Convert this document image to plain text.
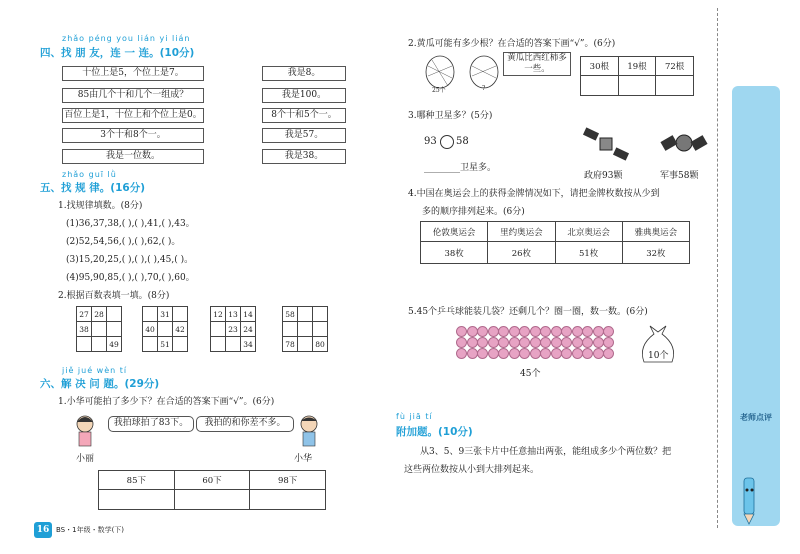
zhǎo péng you lián yi lián
四、找 朋 友，连 一 连。(10分)
十位上是5，个位上是7。
85由几个十和几个一组成？
百位上是1，十位上和个位上是0。
3个十和8个一。
我是一位数。
我是8。
我是100。
8个十和5个一。
我是57。
我是38。
zhǎo guī lǜ
五、找 规 律。(16分)
1.找规律填数。(8分)
(1)36,37,38,( ),( ),41,( ),43。
(2)52,54,56,( ),( ),62,( )。
(3)15,20,25,( ),( ),( ),45,( )。
(4)95,90,85,( ),( ),70,( ),60。
2.根据百数表填一填。(8分)
27	28	
38		
		49
	31	
40		42
	51	
12	13	14
	23	24
		34
58		

78		80
jiě jué wèn tí
六、解 决 问 题。(29分)
1.小华可能拍了多少下？在合适的答案下画“√”。(6分)
我拍球拍了83下。	我拍的和你差不多。
小丽	小华
85下	60下	98下

16 BS・1年级・数学(下)
2.黄瓜可能有多少根？在合适的答案下画“√”。(6分)
25个	?
黄瓜比西红柿多一些。	30根	19根	72根

3.哪种卫星多？(5分)
93 58
________卫星多。
政府93颗	军事58颗
4.中国在奥运会上的获得金牌情况如下，请把金牌枚数按从少到
多的顺序排列起来。(6分)
伦敦奥运会	里约奥运会	北京奥运会	雅典奥运会
38枚	26枚	51枚	32枚
5.45个乒乓球能装几袋？还剩几个？圈一圈，数一数。(6分)
45个
10个
fù jiā tí
附加题。(10分)
从3、5、9三张卡片中任意抽出两张，能组成多少个两位数？把
这些两位数按从小到大排列起来。
老师点评
